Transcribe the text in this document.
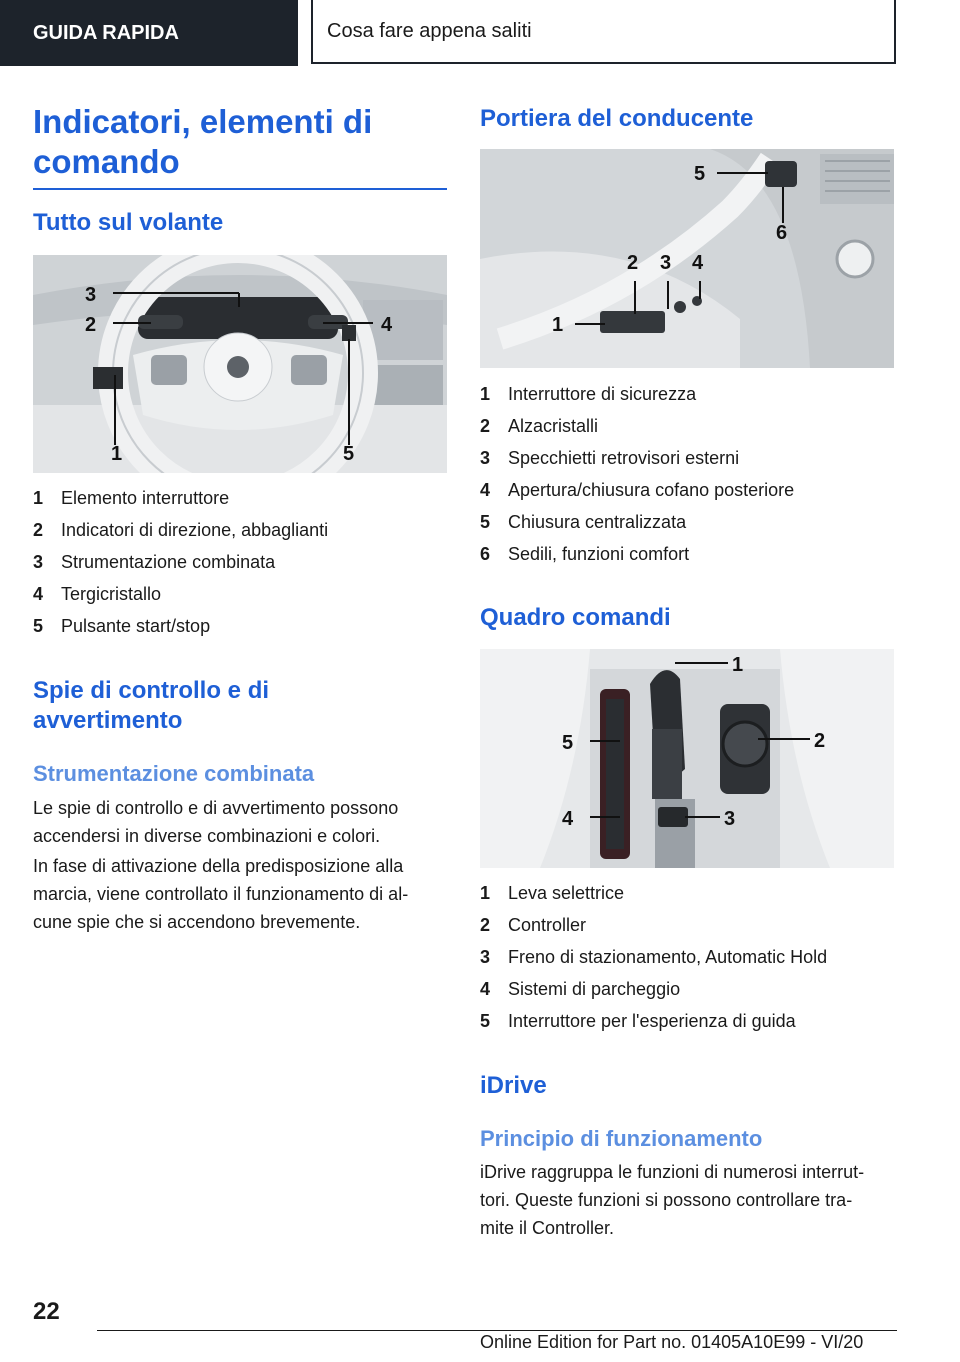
GUIDA RAPIDA	Cosa fare appena saliti
Indicatori, elementi di comando
Tutto sul volante
3
2	4
1	5
1 Elemento interruttore
2 Indicatori di direzione, abbaglianti
3 Strumentazione combinata
4 Tergicristallo
5 Pulsante start/stop
Spie di controllo e di avvertimento
Strumentazione combinata
Le spie di controllo e di avvertimento possono accendersi in diverse combinazioni e colori.
In fase di attivazione della predisposizione alla marcia, viene controllato il funzionamento di al-cune spie che si accendono brevemente.
Portiera del conducente
1
2 3 4
5
6
1 Interruttore di sicurezza
2 Alzacristalli
3 Specchietti retrovisori esterni
4 Apertura/chiusura cofano posteriore
5 Chiusura centralizzata
6 Sedili, funzioni comfort
Quadro comandi
1
2
3
4
5
1 Leva selettrice
2 Controller
3 Freno di stazionamento, Automatic Hold
4 Sistemi di parcheggio
5 Interruttore per l'esperienza di guida
iDrive
Principio di funzionamento
iDrive raggruppa le funzioni di numerosi interrut-tori. Queste funzioni si possono controllare tra-mite il Controller.
22
Online Edition for Part no. 01405A10E99 - VI/20
